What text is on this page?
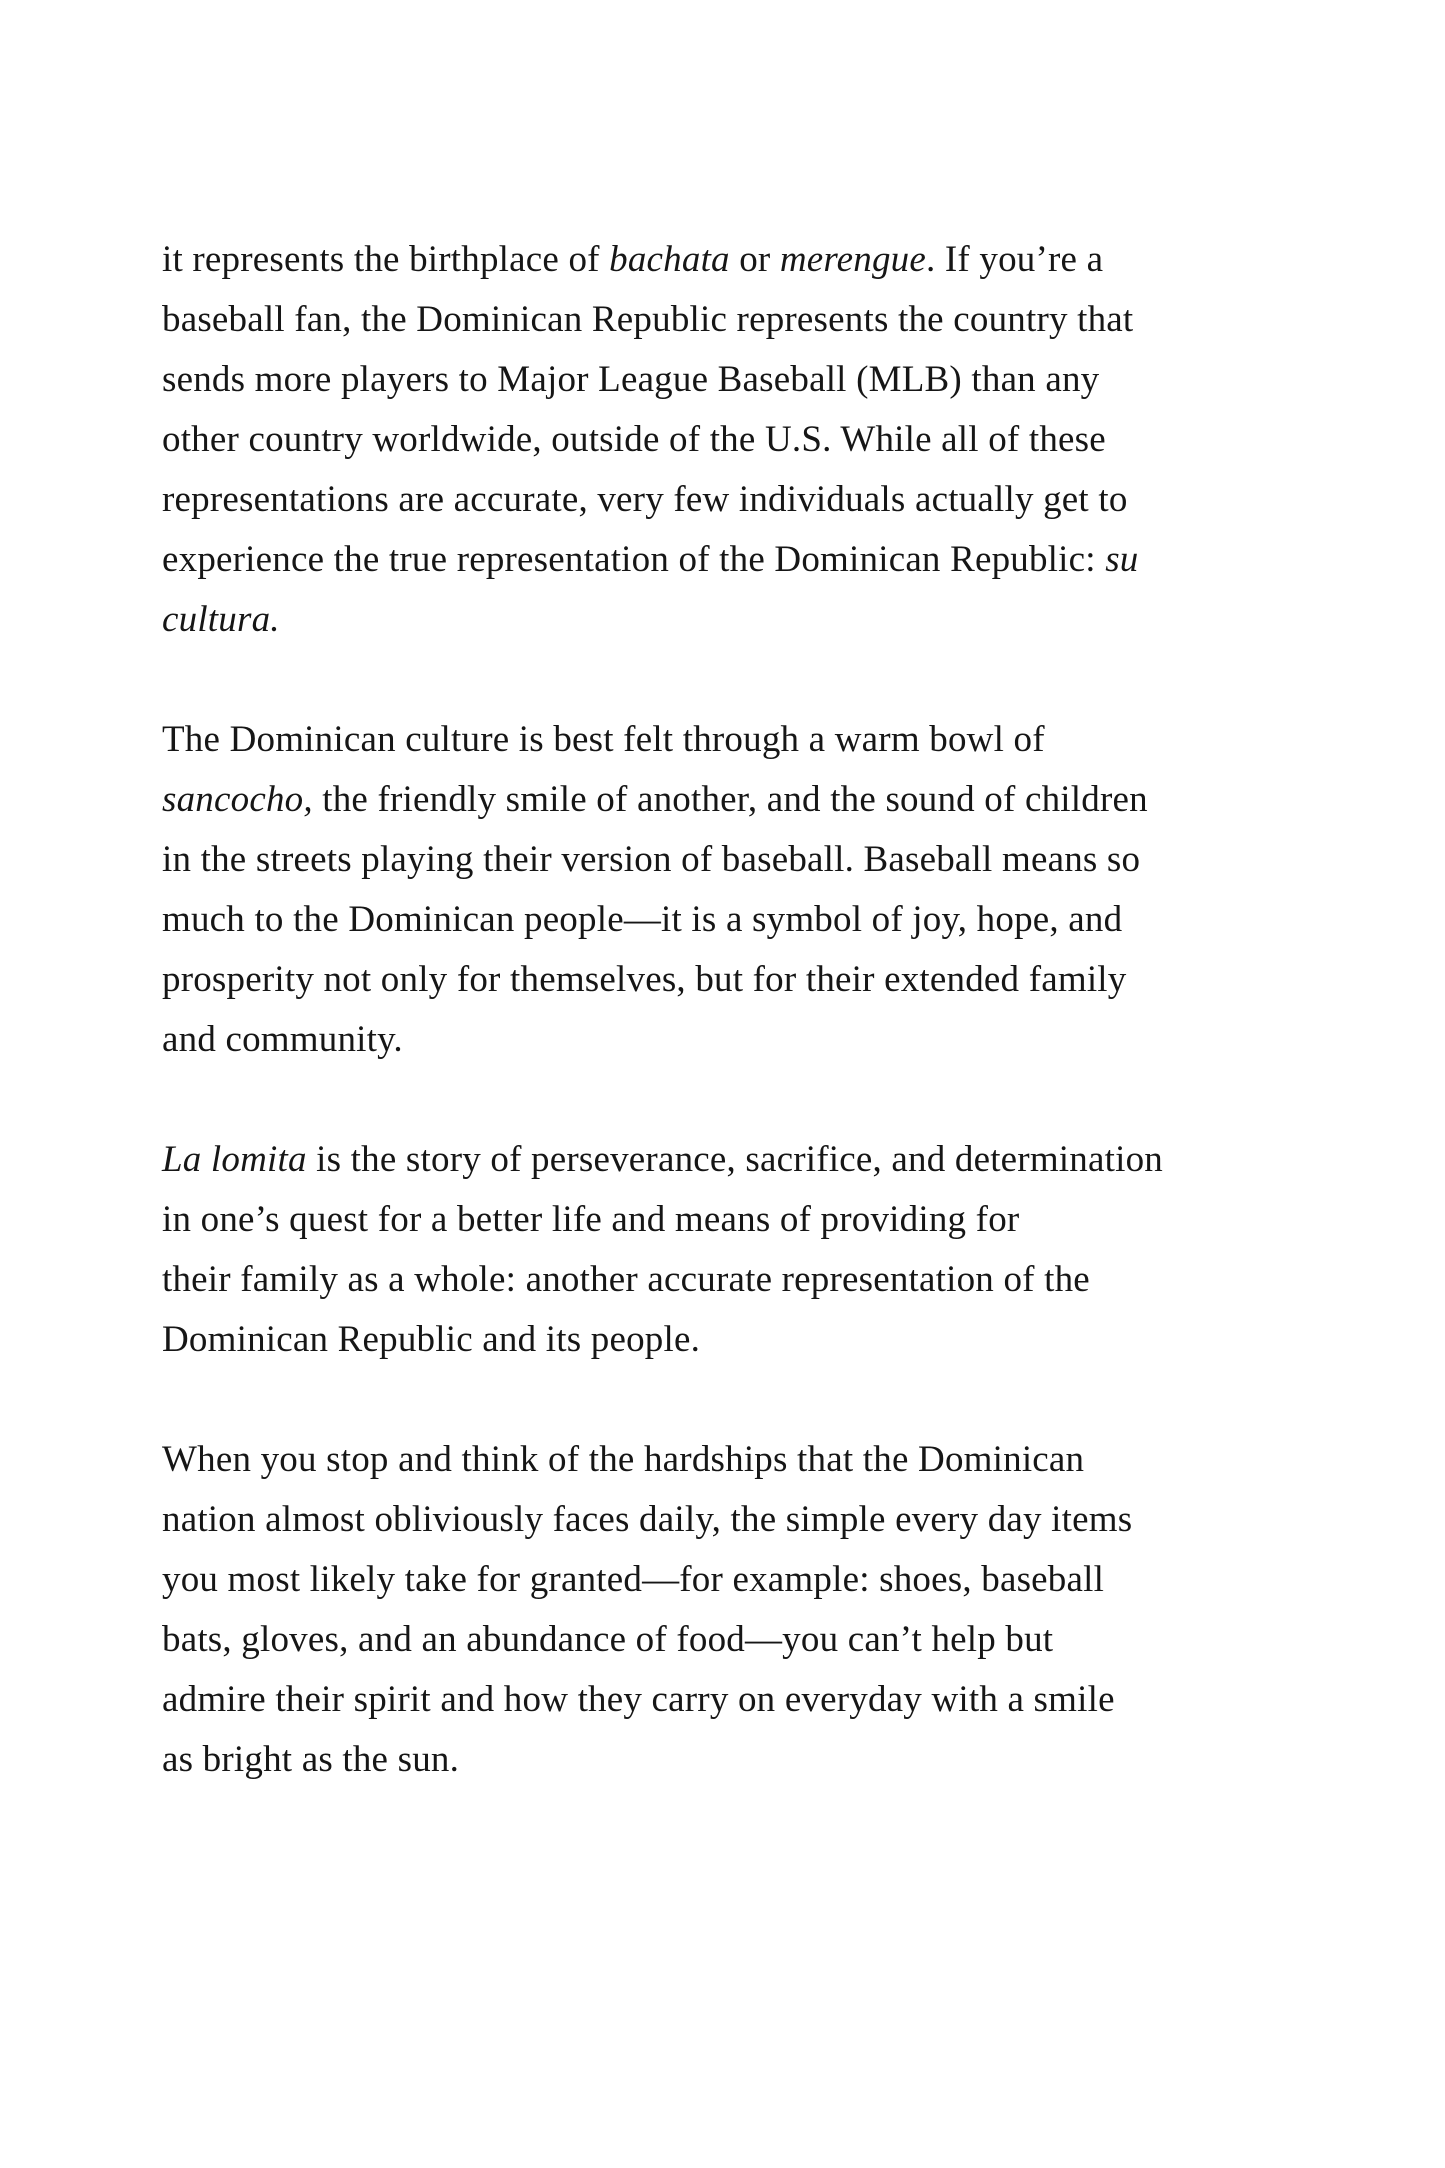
it represents the birthplace of bachata or merengue. If you’re a
baseball fan, the Dominican Republic represents the country that
sends more players to Major League Baseball (MLB) than any
other country worldwide, outside of the U.S. While all of these
representations are accurate, very few individuals actually get to
experience the true representation of the Dominican Republic: su
cultura.

The Dominican culture is best felt through a warm bowl of
sancocho, the friendly smile of another, and the sound of children
in the streets playing their version of baseball. Baseball means so
much to the Dominican people—it is a symbol of joy, hope, and
prosperity not only for themselves, but for their extended family
and community.

La lomita is the story of perseverance, sacrifice, and determination
in one’s quest for a better life and means of providing for
their family as a whole: another accurate representation of the
Dominican Republic and its people.

When you stop and think of the hardships that the Dominican
nation almost obliviously faces daily, the simple every day items
you most likely take for granted—for example: shoes, baseball
bats, gloves, and an abundance of food—you can’t help but
admire their spirit and how they carry on everyday with a smile
as bright as the sun.
